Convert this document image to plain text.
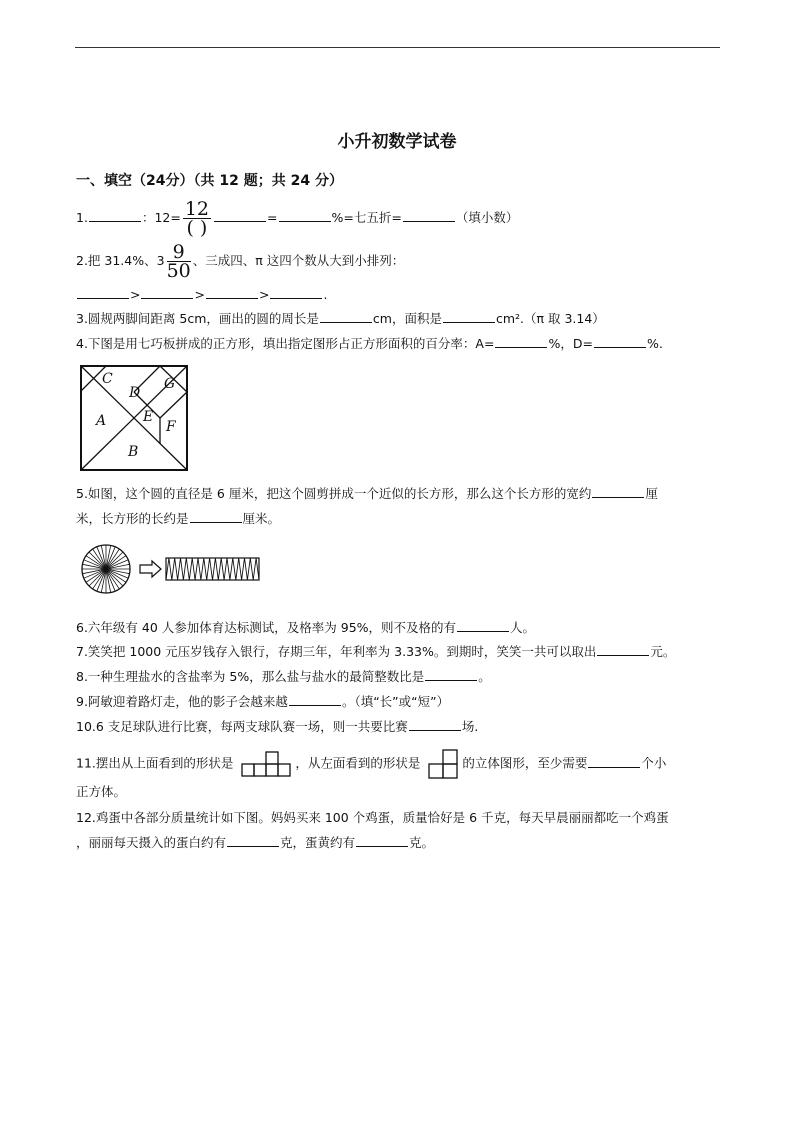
小升初数学试卷
一、填空（24分）（共 12 题；共 24 分）
1.	：$12= \frac{12}{( )}$	=	%=七五折=	（填小数）
2.把 31.4%、$3 \frac{9}{50}$ 、三成四、π 这四个数从大到小排列：
>	>	>	.
3.圆规两脚间距离 5cm，画出的圆的周长是	cm，面积是	cm².（π 取 3.14）
4.下图是用七巧板拼成的正方形，填出指定图形占正方形面积的百分率：A=	%，D=	%.
C
D
G
A	E
F
B
5.如图，这个圆的直径是 6 厘米，把这个圆剪拼成一个近似的长方形，那么这个长方形的宽约	厘
米，长方形的长约是	厘米。
6.六年级有 40 人参加体育达标测试，及格率为 95%，则不及格的有	人。
7.笑笑把 1000 元压岁钱存入银行，存期三年，年利率为 3.33%。到期时，笑笑一共可以取出	元。
8.一种生理盐水的含盐率为 5%，那么盐与盐水的最简整数比是	。
9.阿敏迎着路灯走，他的影子会越来越	。（填“长”或“短”）
10.6 支足球队进行比赛，每两支球队赛一场，则一共要比赛	场.
11.摆出从上面看到的形状是	，从左面看到的形状是	的立体图形，至少需要	个小
正方体。
12.鸡蛋中各部分质量统计如下图。妈妈买来 100 个鸡蛋，质量恰好是 6 千克，每天早晨丽丽都吃一个鸡蛋
，丽丽每天摄入的蛋白约有	克，蛋黄约有	克。
